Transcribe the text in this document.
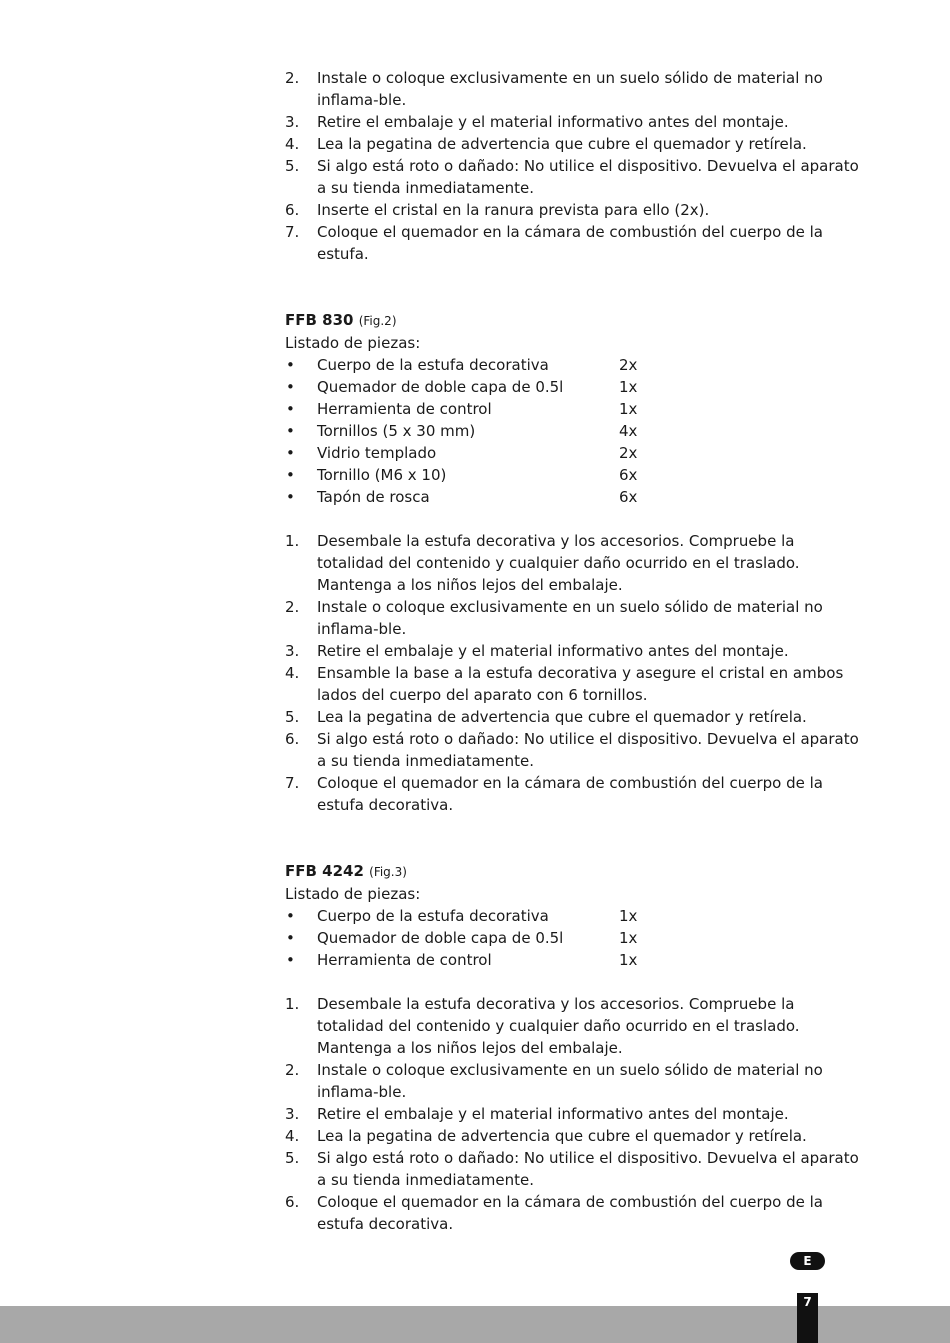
2. Instale o coloque exclusivamente en un suelo sólido de material no inflama-ble.
3. Retire el embalaje y el material informativo antes del montaje.
4. Lea la pegatina de advertencia que cubre el quemador y retírela.
5. Si algo está roto o dañado: No utilice el dispositivo. Devuelva el aparato a su tienda inmediatamente.
6. Inserte el cristal en la ranura prevista para ello (2x).
7. Coloque el quemador en la cámara de combustión del cuerpo de la estufa.
FFB 830 (Fig.2)
Listado de piezas:
• Cuerpo de la estufa decorativa	2x
• Quemador de doble capa de 0.5l	1x
• Herramienta de control	1x
• Tornillos (5 x 30 mm)	4x
• Vidrio templado	2x
• Tornillo (M6 x 10)	6x
• Tapón de rosca	6x
1. Desembale la estufa decorativa y los accesorios. Compruebe la totalidad del contenido y cualquier daño ocurrido en el traslado. Mantenga a los niños lejos del embalaje.
2. Instale o coloque exclusivamente en un suelo sólido de material no inflama-ble.
3. Retire el embalaje y el material informativo antes del montaje.
4. Ensamble la base a la estufa decorativa y asegure el cristal en ambos lados del cuerpo del aparato con 6 tornillos.
5. Lea la pegatina de advertencia que cubre el quemador y retírela.
6. Si algo está roto o dañado: No utilice el dispositivo. Devuelva el aparato a su tienda inmediatamente.
7. Coloque el quemador en la cámara de combustión del cuerpo de la estufa decorativa.
FFB 4242 (Fig.3)
Listado de piezas:
• Cuerpo de la estufa decorativa	1x
• Quemador de doble capa de 0.5l	1x
• Herramienta de control	1x
1. Desembale la estufa decorativa y los accesorios. Compruebe la totalidad del contenido y cualquier daño ocurrido en el traslado. Mantenga a los niños lejos del embalaje.
2. Instale o coloque exclusivamente en un suelo sólido de material no inflama-ble.
3. Retire el embalaje y el material informativo antes del montaje.
4. Lea la pegatina de advertencia que cubre el quemador y retírela.
5. Si algo está roto o dañado: No utilice el dispositivo. Devuelva el aparato a su tienda inmediatamente.
6. Coloque el quemador en la cámara de combustión del cuerpo de la estufa decorativa.
E
7
